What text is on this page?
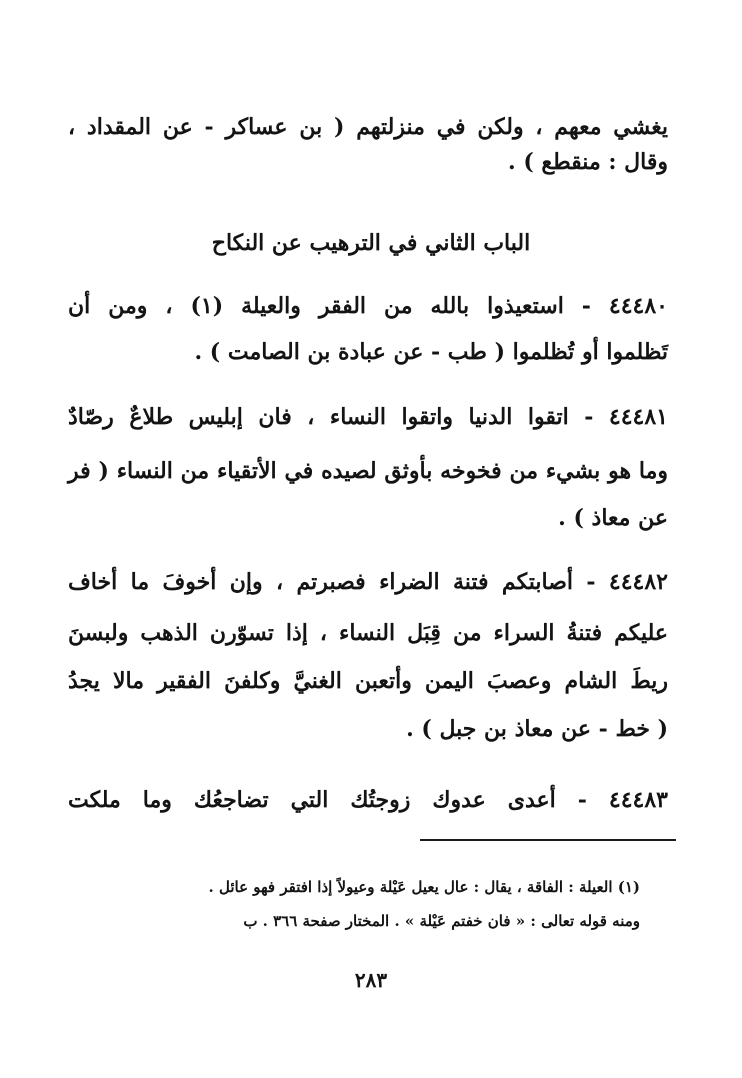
يغشي معهم ، ولكن في منزلتهم ( بن عساكر - عن المقداد ،
وقال : منقطع ) .
الباب الثاني في الترهيب عن النكاح
٤٤٤٨٠ - استعيذوا بالله من الفقر والعيلة (١) ، ومن أن
تَظلموا أو تُظلموا ( طب - عن عبادة بن الصامت ) .
٤٤٤٨١ - اتقوا الدنيا واتقوا النساء ، فان إبليس طلاعٌ رصّادٌ
وما هو بشيء من فخوخه بأوثق لصيده في الأتقياء من النساء ( فر
عن معاذ ) .
٤٤٤٨٢ - أصابتكم فتنة الضراء فصبرتم ، وإن أخوفَ ما أخاف
عليكم فتنةُ السراء من قِبَل النساء ، إذا تسوّرن الذهب ولبسنَ
ريطَ الشام وعصبَ اليمن وأتعبن الغنيَّ وكلفنَ الفقير مالا يجدُ
( خط - عن معاذ بن جبل ) .
٤٤٤٨٣ - أعدى عدوك زوجتُك التي تضاجعُك وما ملكت
(١) العيلة : الفاقة ، يقال : عال يعيل عَيْلة وعيولاً إذا افتقر فهو عائل .
ومنه قوله تعالى : « فان خفتم عَيْلة » . المختار صفحة ٣٦٦ . ب
٢٨٣
